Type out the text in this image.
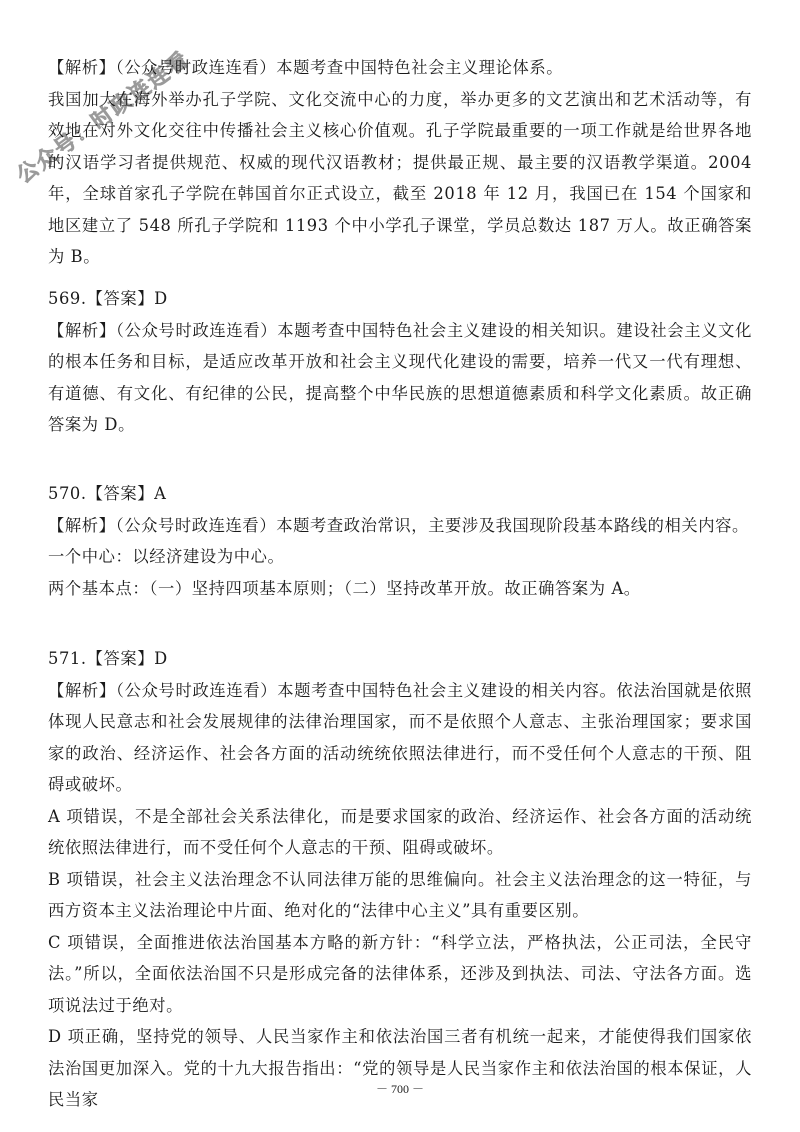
公众号：时政连连看

【解析】（公众号时政连连看）本题考查中国特色社会主义理论体系。

我国加大在海外举办孔子学院、文化交流中心的力度，举办更多的文艺演出和艺术活动等，有效地在对外文化交往中传播社会主义核心价值观。孔子学院最重要的一项工作就是给世界各地的汉语学习者提供规范、权威的现代汉语教材；提供最正规、最主要的汉语教学渠道。2004 年，全球首家孔子学院在韩国首尔正式设立，截至 2018 年 12 月，我国已在 154 个国家和地区建立了 548 所孔子学院和 1193 个中小学孔子课堂，学员总数达 187 万人。故正确答案为 B。

569.【答案】D

【解析】（公众号时政连连看）本题考查中国特色社会主义建设的相关知识。建设社会主义文化的根本任务和目标，是适应改革开放和社会主义现代化建设的需要，培养一代又一代有理想、有道德、有文化、有纪律的公民，提高整个中华民族的思想道德素质和科学文化素质。故正确答案为 D。

570.【答案】A

【解析】（公众号时政连连看）本题考查政治常识，主要涉及我国现阶段基本路线的相关内容。

一个中心：以经济建设为中心。

两个基本点：（一）坚持四项基本原则；（二）坚持改革开放。故正确答案为 A。

571.【答案】D

【解析】（公众号时政连连看）本题考查中国特色社会主义建设的相关内容。依法治国就是依照体现人民意志和社会发展规律的法律治理国家，而不是依照个人意志、主张治理国家；要求国家的政治、经济运作、社会各方面的活动统统依照法律进行，而不受任何个人意志的干预、阻碍或破坏。

A 项错误，不是全部社会关系法律化，而是要求国家的政治、经济运作、社会各方面的活动统统依照法律进行，而不受任何个人意志的干预、阻碍或破坏。

B 项错误，社会主义法治理念不认同法律万能的思维偏向。社会主义法治理念的这一特征，与西方资本主义法治理论中片面、绝对化的“法律中心主义”具有重要区别。

C 项错误，全面推进依法治国基本方略的新方针：“科学立法，严格执法，公正司法，全民守法。”所以，全面依法治国不只是形成完备的法律体系，还涉及到执法、司法、守法各方面。选项说法过于绝对。

D 项正确，坚持党的领导、人民当家作主和依法治国三者有机统一起来，才能使得我们国家依法治国更加深入。党的十九大报告指出：“党的领导是人民当家作主和依法治国的根本保证，人民当家

－ 700 －
